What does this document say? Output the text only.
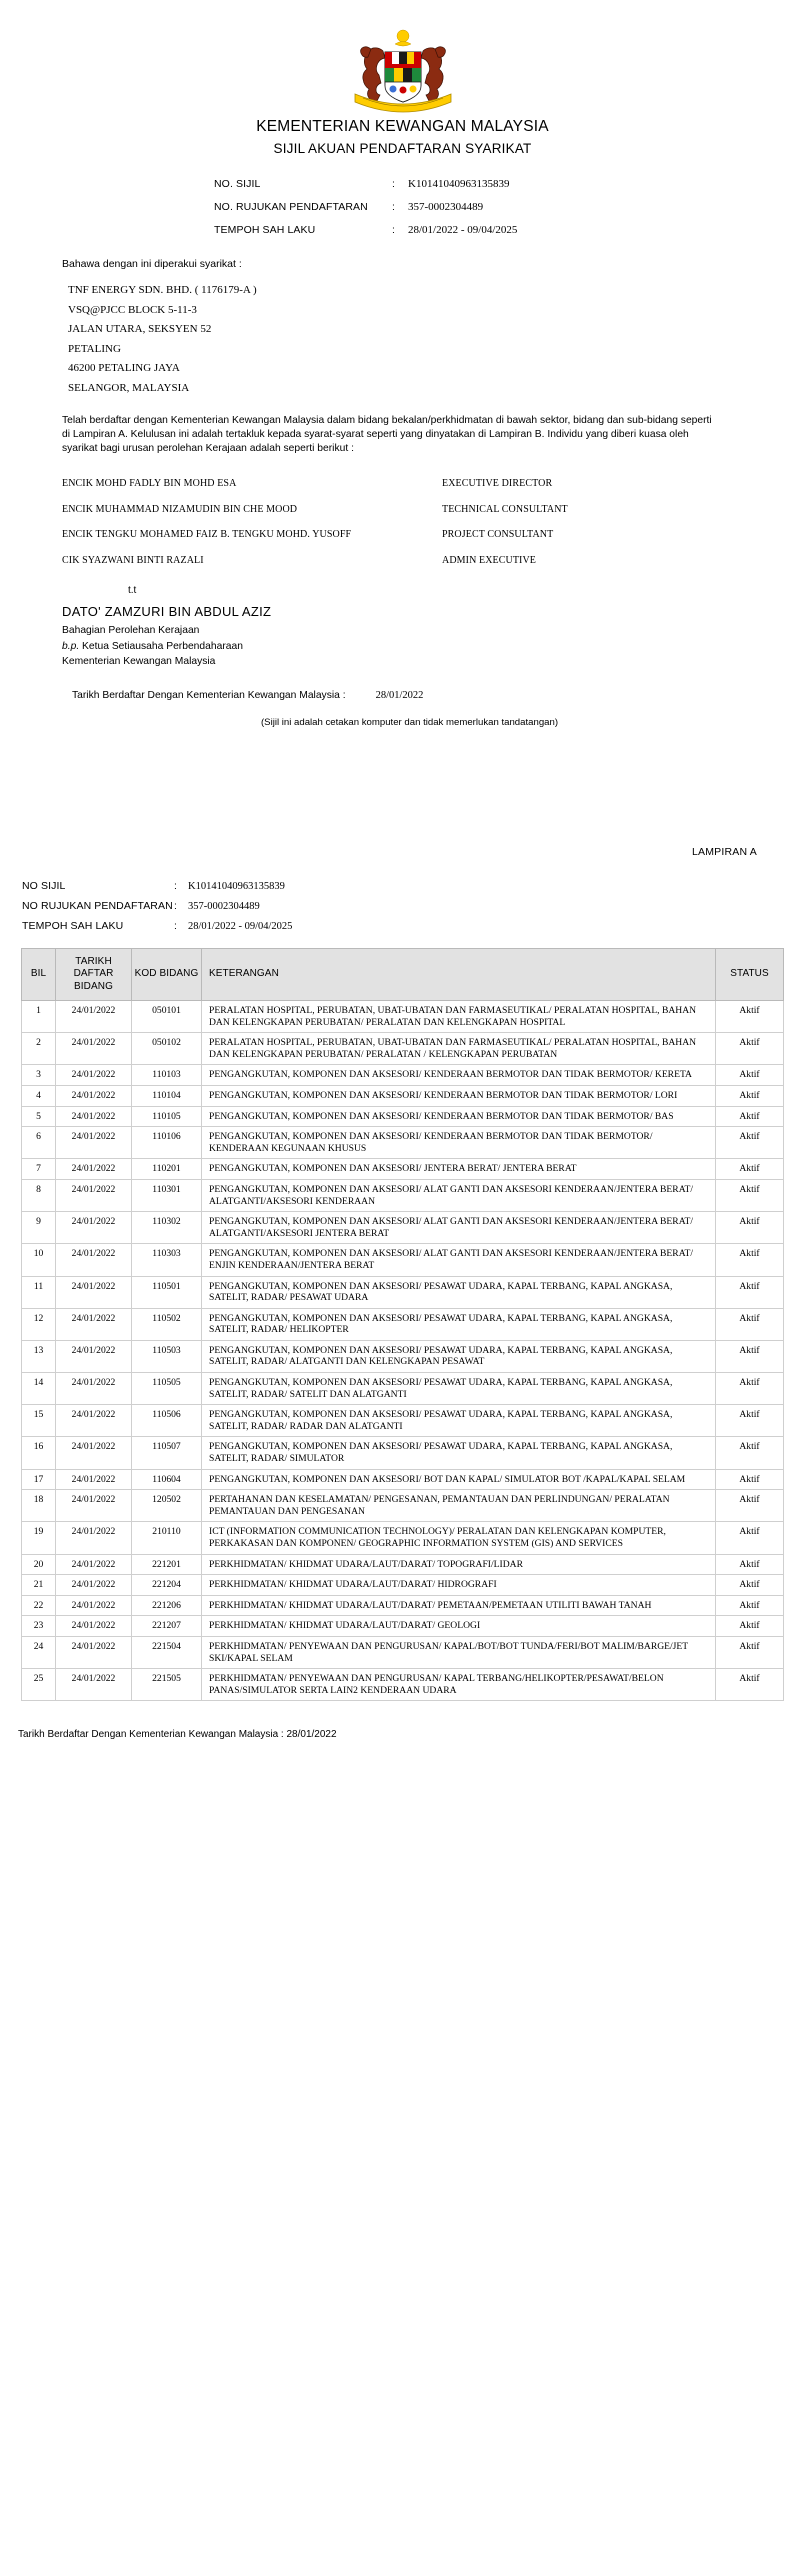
KEMENTERIAN KEWANGAN MALAYSIA
SIJIL AKUAN PENDAFTARAN SYARIKAT
NO. SIJIL	:	K10141040963135839
NO. RUJUKAN PENDAFTARAN	:	357-0002304489
TEMPOH SAH LAKU	:	28/01/2022 - 09/04/2025
Bahawa dengan ini diperakui syarikat :
TNF ENERGY SDN. BHD. ( 1176179-A )
VSQ@PJCC BLOCK 5-11-3
JALAN UTARA, SEKSYEN 52
PETALING
46200 PETALING JAYA
SELANGOR, MALAYSIA
Telah berdaftar dengan Kementerian Kewangan Malaysia dalam bidang bekalan/perkhidmatan di bawah sektor, bidang dan sub-bidang seperti di Lampiran A. Kelulusan ini adalah tertakluk kepada syarat-syarat seperti yang dinyatakan di Lampiran B. Individu yang diberi kuasa oleh syarikat bagi urusan perolehan Kerajaan adalah seperti berikut :
ENCIK MOHD FADLY BIN MOHD ESA	EXECUTIVE DIRECTOR
ENCIK MUHAMMAD NIZAMUDIN BIN CHE MOOD	TECHNICAL CONSULTANT
ENCIK TENGKU MOHAMED FAIZ B. TENGKU MOHD. YUSOFF	PROJECT CONSULTANT
CIK SYAZWANI BINTI RAZALI	ADMIN EXECUTIVE
t.t
DATO' ZAMZURI BIN ABDUL AZIZ
Bahagian Perolehan Kerajaan
b.p. Ketua Setiausaha Perbendaharaan
Kementerian Kewangan Malaysia
Tarikh Berdaftar Dengan Kementerian Kewangan Malaysia :	28/01/2022
(Sijil ini adalah cetakan komputer dan tidak memerlukan tandatangan)
LAMPIRAN A
NO SIJIL	:	K10141040963135839
NO RUJUKAN PENDAFTARAN :	357-0002304489
TEMPOH SAH LAKU	:	28/01/2022 - 09/04/2025
BIL	TARIKH DAFTAR BIDANG	KOD BIDANG	KETERANGAN	STATUS
1	24/01/2022	050101	PERALATAN HOSPITAL, PERUBATAN, UBAT-UBATAN DAN FARMASEUTIKAL/ PERALATAN HOSPITAL, BAHAN DAN KELENGKAPAN PERUBATAN/ PERALATAN DAN KELENGKAPAN HOSPITAL	Aktif
2	24/01/2022	050102	PERALATAN HOSPITAL, PERUBATAN, UBAT-UBATAN DAN FARMASEUTIKAL/ PERALATAN HOSPITAL, BAHAN DAN KELENGKAPAN PERUBATAN/ PERALATAN / KELENGKAPAN PERUBATAN	Aktif
3	24/01/2022	110103	PENGANGKUTAN, KOMPONEN DAN AKSESORI/ KENDERAAN BERMOTOR DAN TIDAK BERMOTOR/ KERETA	Aktif
4	24/01/2022	110104	PENGANGKUTAN, KOMPONEN DAN AKSESORI/ KENDERAAN BERMOTOR DAN TIDAK BERMOTOR/ LORI	Aktif
5	24/01/2022	110105	PENGANGKUTAN, KOMPONEN DAN AKSESORI/ KENDERAAN BERMOTOR DAN TIDAK BERMOTOR/ BAS	Aktif
6	24/01/2022	110106	PENGANGKUTAN, KOMPONEN DAN AKSESORI/ KENDERAAN BERMOTOR DAN TIDAK BERMOTOR/ KENDERAAN KEGUNAAN KHUSUS	Aktif
7	24/01/2022	110201	PENGANGKUTAN, KOMPONEN DAN AKSESORI/ JENTERA BERAT/ JENTERA BERAT	Aktif
8	24/01/2022	110301	PENGANGKUTAN, KOMPONEN DAN AKSESORI/ ALAT GANTI DAN AKSESORI KENDERAAN/JENTERA BERAT/ ALATGANTI/AKSESORI KENDERAAN	Aktif
9	24/01/2022	110302	PENGANGKUTAN, KOMPONEN DAN AKSESORI/ ALAT GANTI DAN AKSESORI KENDERAAN/JENTERA BERAT/ ALATGANTI/AKSESORI JENTERA BERAT	Aktif
10	24/01/2022	110303	PENGANGKUTAN, KOMPONEN DAN AKSESORI/ ALAT GANTI DAN AKSESORI KENDERAAN/JENTERA BERAT/ ENJIN KENDERAAN/JENTERA BERAT	Aktif
11	24/01/2022	110501	PENGANGKUTAN, KOMPONEN DAN AKSESORI/ PESAWAT UDARA, KAPAL TERBANG, KAPAL ANGKASA, SATELIT, RADAR/ PESAWAT UDARA	Aktif
12	24/01/2022	110502	PENGANGKUTAN, KOMPONEN DAN AKSESORI/ PESAWAT UDARA, KAPAL TERBANG, KAPAL ANGKASA, SATELIT, RADAR/ HELIKOPTER	Aktif
13	24/01/2022	110503	PENGANGKUTAN, KOMPONEN DAN AKSESORI/ PESAWAT UDARA, KAPAL TERBANG, KAPAL ANGKASA, SATELIT, RADAR/ ALATGANTI DAN KELENGKAPAN PESAWAT	Aktif
14	24/01/2022	110505	PENGANGKUTAN, KOMPONEN DAN AKSESORI/ PESAWAT UDARA, KAPAL TERBANG, KAPAL ANGKASA, SATELIT, RADAR/ SATELIT DAN ALATGANTI	Aktif
15	24/01/2022	110506	PENGANGKUTAN, KOMPONEN DAN AKSESORI/ PESAWAT UDARA, KAPAL TERBANG, KAPAL ANGKASA, SATELIT, RADAR/ RADAR DAN ALATGANTI	Aktif
16	24/01/2022	110507	PENGANGKUTAN, KOMPONEN DAN AKSESORI/ PESAWAT UDARA, KAPAL TERBANG, KAPAL ANGKASA, SATELIT, RADAR/ SIMULATOR	Aktif
17	24/01/2022	110604	PENGANGKUTAN, KOMPONEN DAN AKSESORI/ BOT DAN KAPAL/ SIMULATOR BOT /KAPAL/KAPAL SELAM	Aktif
18	24/01/2022	120502	PERTAHANAN DAN KESELAMATAN/ PENGESANAN, PEMANTAUAN DAN PERLINDUNGAN/ PERALATAN PEMANTAUAN DAN PENGESANAN	Aktif
19	24/01/2022	210110	ICT (INFORMATION COMMUNICATION TECHNOLOGY)/ PERALATAN DAN KELENGKAPAN KOMPUTER, PERKAKASAN DAN KOMPONEN/ GEOGRAPHIC INFORMATION SYSTEM (GIS) AND SERVICES	Aktif
20	24/01/2022	221201	PERKHIDMATAN/ KHIDMAT UDARA/LAUT/DARAT/ TOPOGRAFI/LIDAR	Aktif
21	24/01/2022	221204	PERKHIDMATAN/ KHIDMAT UDARA/LAUT/DARAT/ HIDROGRAFI	Aktif
22	24/01/2022	221206	PERKHIDMATAN/ KHIDMAT UDARA/LAUT/DARAT/ PEMETAAN/PEMETAAN UTILITI BAWAH TANAH	Aktif
23	24/01/2022	221207	PERKHIDMATAN/ KHIDMAT UDARA/LAUT/DARAT/ GEOLOGI	Aktif
24	24/01/2022	221504	PERKHIDMATAN/ PENYEWAAN DAN PENGURUSAN/ KAPAL/BOT/BOT TUNDA/FERI/BOT MALIM/BARGE/JET SKI/KAPAL SELAM	Aktif
25	24/01/2022	221505	PERKHIDMATAN/ PENYEWAAN DAN PENGURUSAN/ KAPAL TERBANG/HELIKOPTER/PESAWAT/BELON PANAS/SIMULATOR SERTA LAIN2 KENDERAAN UDARA	Aktif
Tarikh Berdaftar Dengan Kementerian Kewangan Malaysia : 28/01/2022
